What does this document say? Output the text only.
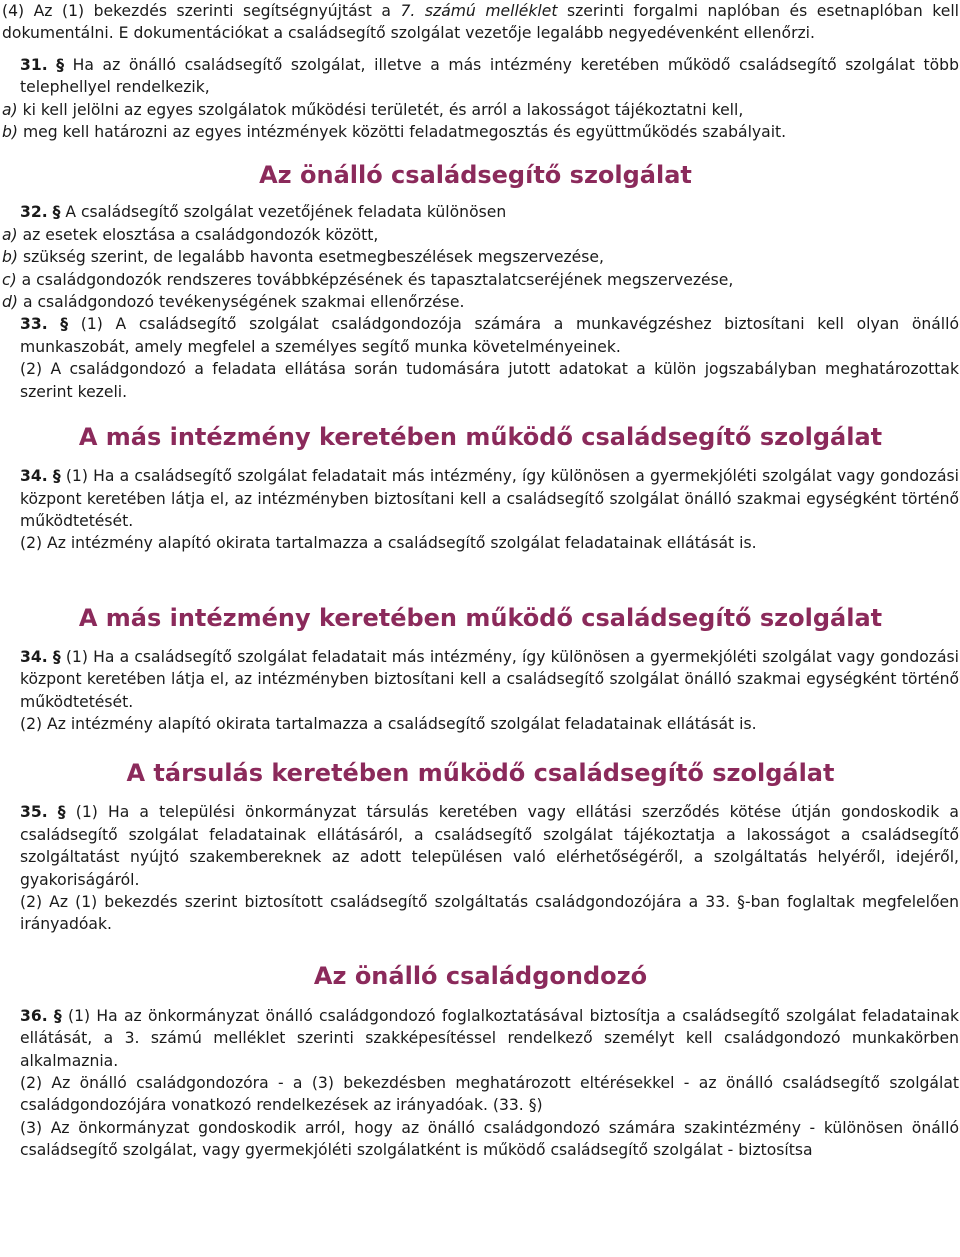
(4) Az (1) bekezdés szerinti segítségnyújtást a 7. számú melléklet szerinti forgalmi naplóban és esetnaplóban kell dokumentálni. E dokumentációkat a családsegítő szolgálat vezetője legalább negyedévenként ellenőrzi.

31. § Ha az önálló családsegítő szolgálat, illetve a más intézmény keretében működő családsegítő szolgálat több telephellyel rendelkezik,

a) ki kell jelölni az egyes szolgálatok működési területét, és arról a lakosságot tájékoztatni kell,

b) meg kell határozni az egyes intézmények közötti feladatmegosztás és együttműködés szabályait.

Az önálló családsegítő szolgálat

32. § A családsegítő szolgálat vezetőjének feladata különösen

a) az esetek elosztása a családgondozók között,

b) szükség szerint, de legalább havonta esetmegbeszélések megszervezése,

c) a családgondozók rendszeres továbbképzésének és tapasztalatcseréjének megszervezése,

d) a családgondozó tevékenységének szakmai ellenőrzése.

33. § (1) A családsegítő szolgálat családgondozója számára a munkavégzéshez biztosítani kell olyan önálló munkaszobát, amely megfelel a személyes segítő munka követelményeinek.

(2) A családgondozó a feladata ellátása során tudomására jutott adatokat a külön jogszabályban meghatározottak szerint kezeli.

A más intézmény keretében működő családsegítő szolgálat

34. § (1) Ha a családsegítő szolgálat feladatait más intézmény, így különösen a gyermekjóléti szolgálat vagy gondozási központ keretében látja el, az intézményben biztosítani kell a családsegítő szolgálat önálló szakmai egységként történő működtetését.

(2) Az intézmény alapító okirata tartalmazza a családsegítő szolgálat feladatainak ellátását is.

A más intézmény keretében működő családsegítő szolgálat

34. § (1) Ha a családsegítő szolgálat feladatait más intézmény, így különösen a gyermekjóléti szolgálat vagy gondozási központ keretében látja el, az intézményben biztosítani kell a családsegítő szolgálat önálló szakmai egységként történő működtetését.

(2) Az intézmény alapító okirata tartalmazza a családsegítő szolgálat feladatainak ellátását is.

A társulás keretében működő családsegítő szolgálat

35. § (1) Ha a települési önkormányzat társulás keretében vagy ellátási szerződés kötése útján gondoskodik a családsegítő szolgálat feladatainak ellátásáról, a családsegítő szolgálat tájékoztatja a lakosságot a családsegítő szolgáltatást nyújtó szakembereknek az adott településen való elérhetőségéről, a szolgáltatás helyéről, idejéről, gyakoriságáról.

(2) Az (1) bekezdés szerint biztosított családsegítő szolgáltatás családgondozójára a 33. §-ban foglaltak megfelelően irányadóak.

Az önálló családgondozó

36. § (1) Ha az önkormányzat önálló családgondozó foglalkoztatásával biztosítja a családsegítő szolgálat feladatainak ellátását, a 3. számú melléklet szerinti szakképesítéssel rendelkező személyt kell családgondozó munkakörben alkalmaznia.

(2) Az önálló családgondozóra - a (3) bekezdésben meghatározott eltérésekkel - az önálló családsegítő szolgálat családgondozójára vonatkozó rendelkezések az irányadóak. (33. §)

(3) Az önkormányzat gondoskodik arról, hogy az önálló családgondozó számára szakintézmény - különösen önálló családsegítő szolgálat, vagy gyermekjóléti szolgálatként is működő családsegítő szolgálat - biztosítsa
